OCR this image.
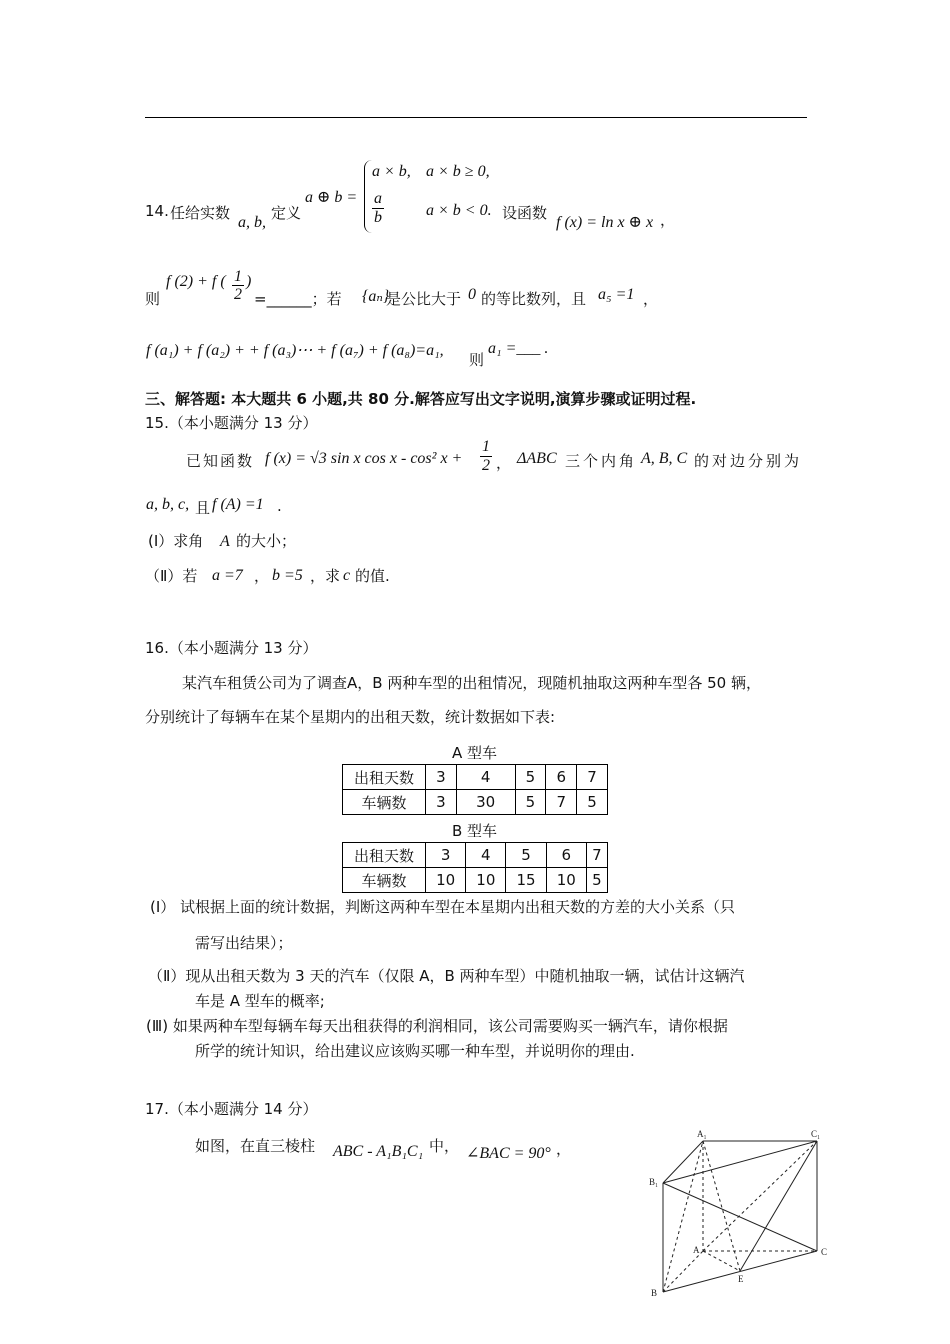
14. 任给实数
a, b,
定义
a ⊕ b =
a × b, a × b ≥ 0,
$\frac{a}{b}$	a × b < 0. 设函数
f (x) = ln x ⊕ x ，
则
f (2) + f ( $\frac{1}{2}$ )
=______；若 {aₙ}
是公比大于 0 的等比数列，且 a₅ =1 ，
f (a₁) + f (a₂) + + f (a₃)⋯ + f (a₇) + f (a₈)=a₁,
则
a₁ =___ .
三、解答题: 本大题共 6 小题,共 80 分.解答应写出文字说明,演算步骤或证明过程.
15.（本小题满分 13 分）
已知函数 f (x) = √3 sin x cos x - cos² $x + \frac{1}{2}$ ， ΔABC 三个内角 A, B, C 的对边分别为
a, b, c, 且 f (A) =1 .
(I）求角 A 的大小；
（Ⅱ）若 a =7 ， b =5 ，求 c 的值.
16.（本小题满分 13 分）
某汽车租赁公司为了调查A，B 两种车型的出租情况，现随机抽取这两种车型各 50 辆，
分别统计了每辆车在某个星期内的出租天数，统计数据如下表:
A 型车
出租天数	3	4	5	6	7
车辆数	3	30	5	7	5
B 型车
出租天数	3	4	5	6	7
车辆数	10	10	15	10	5
(I） 试根据上面的统计数据，判断这两种车型在本星期内出租天数的方差的大小关系（只
需写出结果）；
（Ⅱ）现从出租天数为 3 天的汽车（仅限 A，B 两种车型）中随机抽取一辆，试估计这辆汽
车是 A 型车的概率;
(Ⅲ) 如果两种车型每辆车每天出租获得的利润相同，该公司需要购买一辆汽车，请你根据
所学的统计知识，给出建议应该购买哪一种车型，并说明你的理由.
17.（本小题满分 14 分）
如图，在直三棱柱 ABC - A₁B₁C₁ 中， ∠BAC = 90° ，
A₁	C₁
B₁
A	C
B
E
